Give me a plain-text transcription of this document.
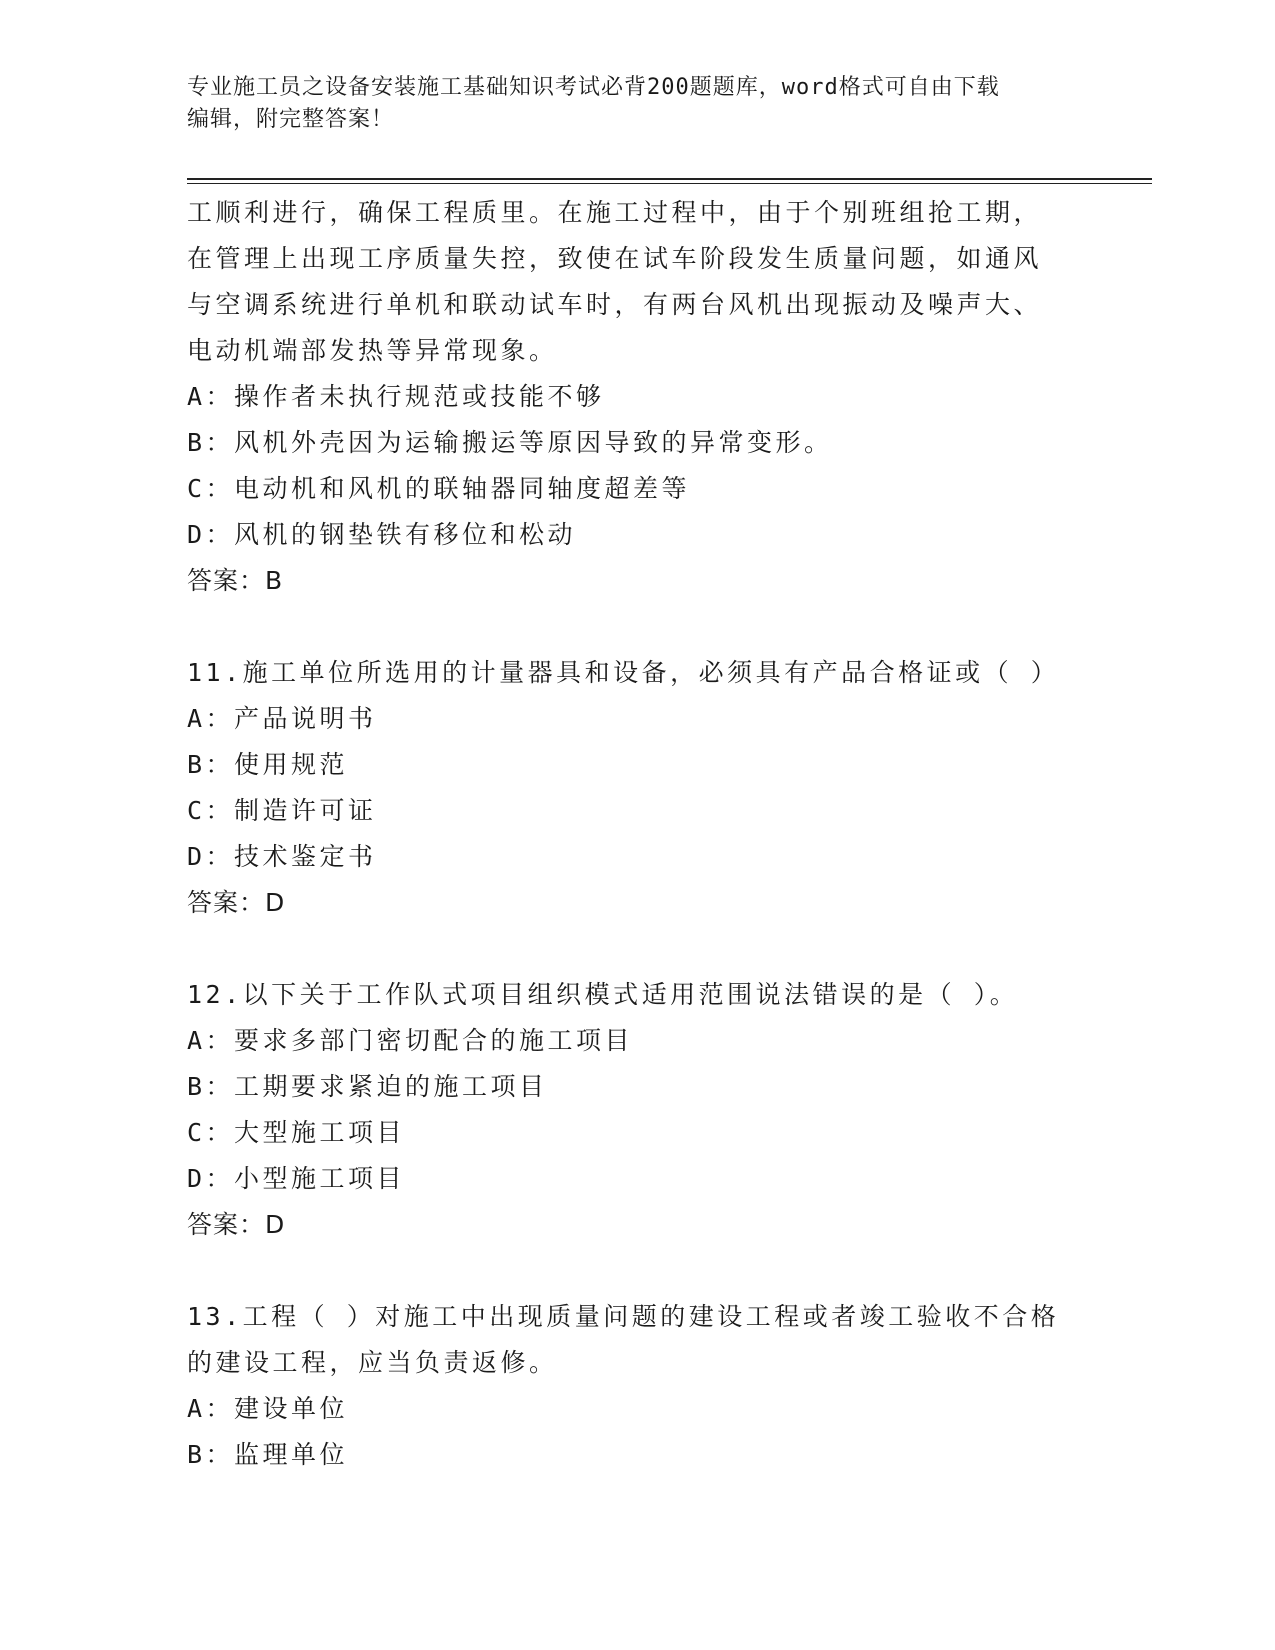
专业施工员之设备安装施工基础知识考试必背200题题库，word格式可自由下载
编辑，附完整答案！
工顺利进行，确保工程质里。在施工过程中，由于个别班组抢工期，
在管理上出现工序质量失控，致使在试车阶段发生质量问题，如通风
与空调系统进行单机和联动试车时，有两台风机出现振动及噪声大、
电动机端部发热等异常现象。
A：操作者未执行规范或技能不够
B：风机外壳因为运输搬运等原因导致的异常变形。
C：电动机和风机的联轴器同轴度超差等
D：风机的钢垫铁有移位和松动
答案：B
11.施工单位所选用的计量器具和设备，必须具有产品合格证或（ ）
A：产品说明书
B：使用规范
C：制造许可证
D：技术鉴定书
答案：D
12.以下关于工作队式项目组织模式适用范围说法错误的是（ ）。
A：要求多部门密切配合的施工项目
B：工期要求紧迫的施工项目
C：大型施工项目
D：小型施工项目
答案：D
13.工程（ ）对施工中出现质量问题的建设工程或者竣工验收不合格
的建设工程，应当负责返修。
A：建设单位
B：监理单位
